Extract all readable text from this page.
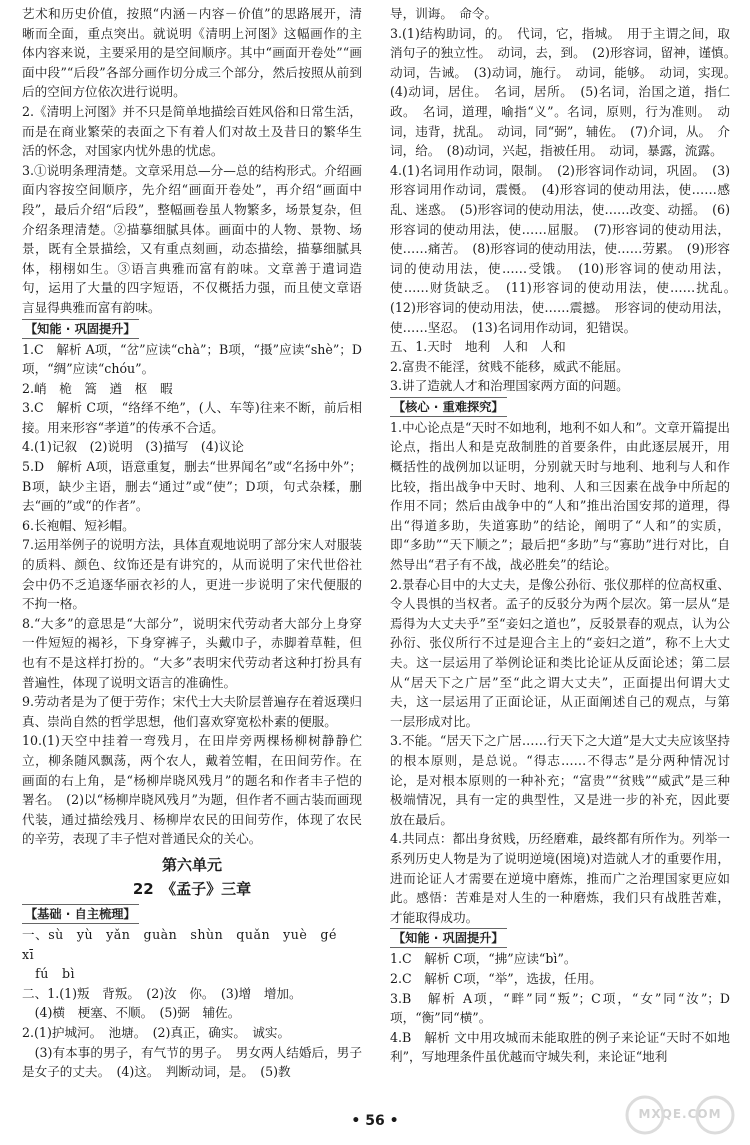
艺术和历史价值，按照“内涵－内容－价值”的思路展开，清晰而全面，重点突出。就说明《清明上河图》这幅画作的主体内容来说，主要采用的是空间顺序。其中“画面开卷处”“画面中段”“后段”各部分画作切分成三个部分，然后按照从前到后的空间方位依次进行说明。

2.《清明上河图》并不只是简单地描绘百姓风俗和日常生活，而是在商业繁荣的表面之下有着人们对故土及昔日的繁华生活的怀念，对国家内忧外患的忧虑。

3.①说明条理清楚。文章采用总—分—总的结构形式。介绍画面内容按空间顺序，先介绍“画面开卷处”，再介绍“画面中段”，最后介绍“后段”，整幅画卷虽人物繁多，场景复杂，但介绍条理清楚。②描摹细腻具体。画面中的人物、景物、场景，既有全景描绘，又有重点刻画，动态描绘，描摹细腻具体，栩栩如生。③语言典雅而富有韵味。文章善于遣词造句，运用了大量的四字短语，不仅概括力强，而且使文章语言显得典雅而富有韵味。

【知能 · 巩固提升】

1.C　解析 A项，“岔”应读“chà”；B项，“摄”应读“shè”；D项，“绸”应读“chóu”。

2.峭　桅　篙　遒　枢　暇

3.C　解析 C项，“络绎不绝”，(人、车等)往来不断，前后相接。用来形容“孝道”的传承不合适。

4.(1)记叙　(2)说明　(3)描写　(4)议论

5.D　解析 A项，语意重复，删去“世界闻名”或“名扬中外”；B项，缺少主语，删去“通过”或“使”；D项，句式杂糅，删去“画的”或“的作者”。

6.长袍帽、短衫帽。

7.运用举例子的说明方法，具体直观地说明了部分宋人对服装的质料、颜色、纹饰还是有讲究的，从而说明了宋代世俗社会中仍不乏追逐华丽衣衫的人，更进一步说明了宋代便服的不拘一格。

8.“大多”的意思是“大部分”，说明宋代劳动者大部分上身穿一件短短的褐衫，下身穿裤子，头戴巾子，赤脚着草鞋，但也有不是这样打扮的。“大多”表明宋代劳动者这种打扮具有普遍性，体现了说明文语言的准确性。

9.劳动者是为了便于劳作；宋代士大夫阶层普遍存在着返璞归真、崇尚自然的哲学思想，他们喜欢穿宽松朴素的便服。

10.(1)天空中挂着一弯残月，在田岸旁两棵杨柳树静静伫立，柳条随风飘荡，两个农人，戴着笠帽，在田间劳作。在画面的右上角，是“杨柳岸晓风残月”的题名和作者丰子恺的署名。　(2)以“杨柳岸晓风残月”为题，但作者不画古装而画现代装，通过描绘残月、杨柳岸农民的田间劳作，体现了农民的辛劳，表现了丰子恺对普通民众的关心。

第六单元
22　《孟子》三章
【基础 · 自主梳理】

一、sù　yù　yǎn　guàn　shùn　quǎn　yuè　gé　xī

　fú　bì

二、1.(1)叛　背叛。　(2)汝　你。　(3)增　增加。

　(4)横　梗塞、不顺。　(5)弼　辅佐。

2.(1)护城河。　池塘。　(2)真正，确实。　诚实。

　(3)有本事的男子，有气节的男子。　男女两人结婚后，男子是女子的丈夫。　(4)这。　判断动词，是。　(5)教

导，训诲。　命令。

3.(1)结构助词，的。　代词，它，指城。　用于主谓之间，取消句子的独立性。　动词，去，到。　(2)形容词，留神，谨慎。　动词，告诫。　(3)动词，施行。　动词，能够。　动词，实现。　(4)动词，居住。　名词，居所。　(5)名词，治国之道，指仁政。　名词，道理，喻指“义”。名词，原则，行为准则。　动词，违背，扰乱。　动词，同“弼”，辅佐。　(7)介词，从。　介词，给。　(8)动词，兴起，指被任用。　动词，暴露，流露。

4.(1)名词用作动词，限制。　(2)形容词作动词，巩固。　(3)形容词用作动词，震慑。　(4)形容词的使动用法，使……感乱、迷惑。　(5)形容词的使动用法，使……改变、动摇。　(6)形容词的使动用法，使……屈服。　(7)形容词的使动用法，使……痛苦。　(8)形容词的使动用法，使……劳累。　(9)形容词的使动用法，使……受饿。　(10)形容词的使动用法，使……财货缺乏。　(11)形容词的使动用法，使……扰乱。　(12)形容词的使动用法，使……震撼。　形容词的使动用法，使……坚忍。　(13)名词用作动词，犯错误。

五、1.天时　地利　人和　人和

2.富贵不能淫，贫贱不能移，威武不能屈。

3.讲了造就人才和治理国家两方面的问题。

【核心 · 重难探究】

1.中心论点是“天时不如地利，地利不如人和”。文章开篇提出论点，指出人和是克敌制胜的首要条件，由此逐层展开，用概括性的战例加以证明，分别就天时与地利、地利与人和作比较，指出战争中天时、地利、人和三因素在战争中所起的作用不同；然后由战争中的“人和”推出治国安邦的道理，得出“得道多助，失道寡助”的结论，阐明了“人和”的实质，即“多助”“天下顺之”；最后把“多助”与“寡助”进行对比，自然导出“君子有不战，战必胜矣”的结论。

2.景春心目中的大丈夫，是像公孙衍、张仪那样的位高权重、令人畏惧的当权者。孟子的反驳分为两个层次。第一层从“是焉得为大丈夫乎”至“妾妇之道也”，反驳景春的观点，认为公孙衍、张仪所行不过是迎合主上的“妾妇之道”，称不上大丈夫。这一层运用了举例论证和类比论证从反面论述；第二层从“居天下之广居”至“此之谓大丈夫”，正面提出何谓大丈夫，这一层运用了正面论证，从正面阐述自己的观点，与第一层形成对比。

3.不能。“居天下之广居……行天下之大道”是大丈夫应该坚持的根本原则，是总说。“得志……不得志”是分两种情况讨论，是对根本原则的一种补充；“富贵”“贫贱”“威武”是三种极端情况，具有一定的典型性，又是进一步的补充，因此要放在最后。

4.共同点：都出身贫贱，历经磨难，最终都有所作为。列举一系列历史人物是为了说明逆境(困境)对造就人才的重要作用，进而论证人才需要在逆境中磨炼，推而广之治理国家更应如此。感悟：苦难是对人生的一种磨炼，我们只有战胜苦难，才能取得成功。

【知能 · 巩固提升】

1.C　解析 C项，“拂”应读“bì”。

2.C　解析 C项，“举”，选拔，任用。

3.B　解析 A项，“畔”同“叛”；C项，“女”同“汝”；D项，“衡”同“横”。

4.B　解析 文中用攻城而未能取胜的例子来论证“天时不如地利”，写地理条件虽优越而守城失利，来论证“地利

• 56 •	MXQE.COM
